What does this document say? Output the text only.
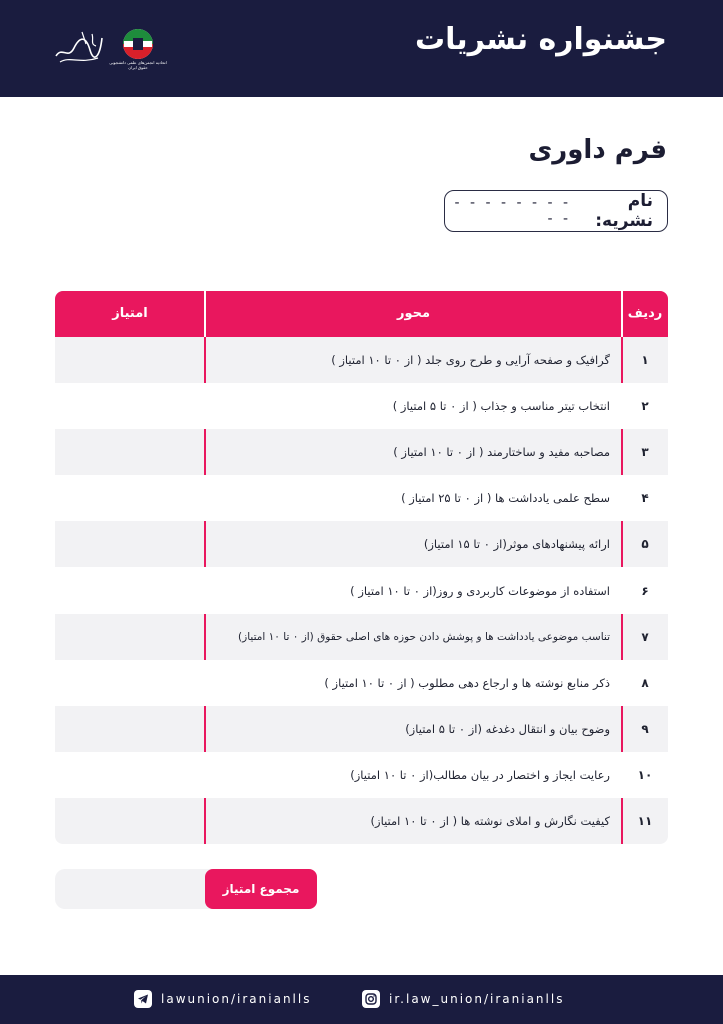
اتحادیه انجمن‌های علمی دانشجویی حقوق ایران
جشنواره نشریات
فرم داوری
نام نشریه:
- - - - - - - - - -
ردیف
محور
امتیاز
۱
گرافیک و صفحه آرایی و طرح روی جلد ( از ۰ تا ۱۰ امتیاز )
۲
انتخاب تیتر مناسب و جذاب ( از ۰ تا ۵ امتیاز )
۳
مصاحبه مفید و ساختارمند ( از ۰ تا ۱۰ امتیاز )
۴
سطح علمی یادداشت ها ( از ۰ تا ۲۵ امتیاز )
۵
ارائه پیشنهادهای موثر(از ۰ تا ۱۵ امتیاز)
۶
استفاده از موضوعات کاربردی و روز(از ۰ تا ۱۰ امتیاز )
۷
تناسب موضوعی یادداشت ها و پوشش دادن حوزه های اصلی حقوق (از ۰ تا ۱۰ امتیاز)
۸
ذکر منابع نوشته ها و ارجاع دهی مطلوب ( از ۰ تا ۱۰ امتیاز )
۹
وضوح بیان و انتقال دغدغه (از ۰ تا ۵ امتیاز)
۱۰
رعایت ایجاز و اختصار در بیان مطالب(از ۰ تا ۱۰ امتیاز)
۱۱
کیفیت نگارش و املای نوشته ها ( از ۰ تا ۱۰ امتیاز)
مجموع امتیاز
lawunion/iranianlls	ir.law_union/iranianlls
